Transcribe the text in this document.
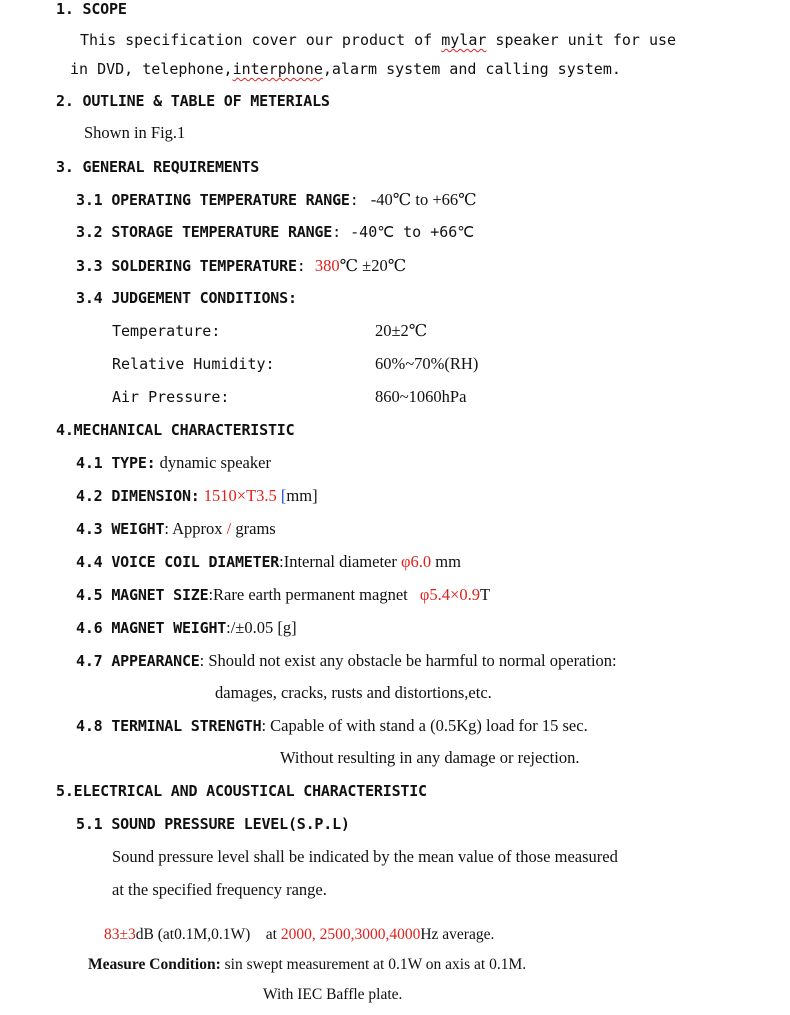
1. SCOPE
This specification cover our product of mylar speaker unit for use
in DVD, telephone,interphone,alarm system and calling system.
2. OUTLINE & TABLE OF METERIALS
Shown in Fig.1
3. GENERAL REQUIREMENTS
3.1 OPERATING TEMPERATURE RANGE: -40℃ to +66℃
3.2 STORAGE TEMPERATURE RANGE: -40℃ to +66℃
3.3 SOLDERING TEMPERATURE: 380℃ ±20℃
3.4 JUDGEMENT CONDITIONS:
Temperature:	20±2℃
Relative Humidity:	60%~70%(RH)
Air Pressure:	860~1060hPa
4.MECHANICAL CHARACTERISTIC
4.1 TYPE: dynamic speaker
4.2 DIMENSION: 1510×T3.5 [mm]
4.3 WEIGHT: Approx / grams
4.4 VOICE COIL DIAMETER:Internal diameter φ6.0 mm
4.5 MAGNET SIZE:Rare earth permanent magnet φ5.4×0.9T
4.6 MAGNET WEIGHT:/±0.05 [g]
4.7 APPEARANCE: Should not exist any obstacle be harmful to normal operation:
damages, cracks, rusts and distortions,etc.
4.8 TERMINAL STRENGTH: Capable of with stand a (0.5Kg) load for 15 sec.
Without resulting in any damage or rejection.
5.ELECTRICAL AND ACOUSTICAL CHARACTERISTIC
5.1 SOUND PRESSURE LEVEL(S.P.L)
Sound pressure level shall be indicated by the mean value of those measured
at the specified frequency range.
83±3dB (at0.1M,0.1W)    at 2000, 2500,3000,4000Hz average.
Measure Condition: sin swept measurement at 0.1W on axis at 0.1M.
With IEC Baffle plate.
